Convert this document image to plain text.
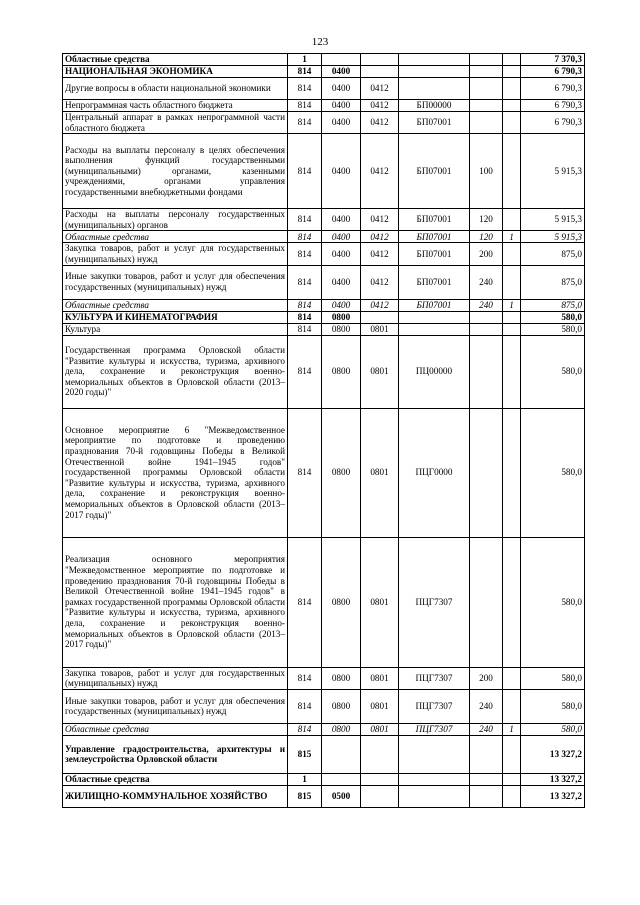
123
Областные средства	1						7 370,3
НАЦИОНАЛЬНАЯ ЭКОНОМИКА	814	0400					6 790,3
Другие вопросы в области национальной экономики	814	0400	0412				6 790,3
Непрограммная часть областного бюджета	814	0400	0412	БП00000			6 790,3
Центральный аппарат в рамках непрограммной части областного бюджета	814	0400	0412	БП07001			6 790,3
Расходы на выплаты персоналу в целях обеспечения выполнения функций государственными (муниципальными) органами, казенными учреждениями, органами управления государственными внебюджетными фондами	814	0400	0412	БП07001	100		5 915,3
Расходы на выплаты персоналу государственных (муниципальных) органов	814	0400	0412	БП07001	120		5 915,3
Областные средства	814	0400	0412	БП07001	120	1	5 915,3
Закупка товаров, работ и услуг для государственных (муниципальных) нужд	814	0400	0412	БП07001	200		875,0
Иные закупки товаров, работ и услуг для обеспечения государственных (муниципальных) нужд	814	0400	0412	БП07001	240		875,0
Областные средства	814	0400	0412	БП07001	240	1	875,0
КУЛЬТУРА И КИНЕМАТОГРАФИЯ	814	0800					580,0
Культура	814	0800	0801				580,0
Государственная программа Орловской области "Развитие культуры и искусства, туризма, архивного дела, сохранение и реконструкция военно-мемориальных объектов в Орловской области (2013–2020 годы)"	814	0800	0801	ПЦ00000			580,0
Основное мероприятие 6 "Межведомственное мероприятие по подготовке и проведению празднования 70-й годовщины Победы в Великой Отечественной войне 1941–1945 годов" государственной программы Орловской области "Развитие культуры и искусства, туризма, архивного дела, сохранение и реконструкция военно-мемориальных объектов в Орловской области (2013–2017 годы)"	814	0800	0801	ПЦГ0000			580,0
Реализация основного мероприятия "Межведомственное мероприятие по подготовке и проведению празднования 70-й годовщины Победы в Великой Отечественной войне 1941–1945 годов" в рамках государственной программы Орловской области "Развитие культуры и искусства, туризма, архивного дела, сохранение и реконструкция военно-мемориальных объектов в Орловской области (2013–2017 годы)"	814	0800	0801	ПЦГ7307			580,0
Закупка товаров, работ и услуг для государственных (муниципальных) нужд	814	0800	0801	ПЦГ7307	200		580,0
Иные закупки товаров, работ и услуг для обеспечения государственных (муниципальных) нужд	814	0800	0801	ПЦГ7307	240		580,0
Областные средства	814	0800	0801	ПЦГ7307	240	1	580,0
Управление градостроительства, архитектуры и землеустройства Орловской области	815						13 327,2
Областные средства	1						13 327,2
ЖИЛИЩНО-КОММУНАЛЬНОЕ ХОЗЯЙСТВО	815	0500					13 327,2
